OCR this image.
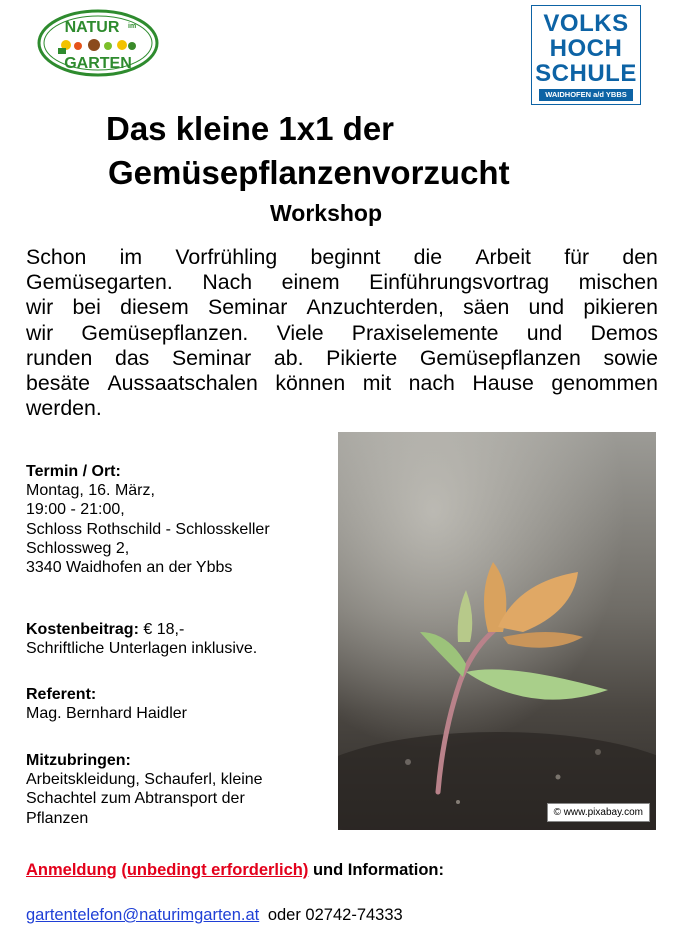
NATUR im
GARTEN
VOLKS
HOCH
SCHULE
WAIDHOFEN a/d YBBS
Das kleine 1x1 der
Gemüsepflanzenvorzucht
Workshop
Schon im Vorfrühling beginnt die Arbeit für den
Gemüsegarten. Nach einem Einführungsvortrag mischen
wir bei diesem Seminar Anzuchterden, säen und pikieren
wir Gemüsepflanzen. Viele Praxiselemente und Demos
runden das Seminar ab. Pikierte Gemüsepflanzen sowie
besäte Aussaatschalen können mit nach Hause genommen
werden.
Termin / Ort:
Montag, 16. März,
19:00 - 21:00,
Schloss Rothschild - Schlosskeller
Schlossweg 2,
3340 Waidhofen an der Ybbs
Kostenbeitrag: € 18,-
Schriftliche Unterlagen inklusive.
Referent:
Mag. Bernhard Haidler
Mitzubringen:
Arbeitskleidung, Schauferl, kleine
Schachtel zum Abtransport der
Pflanzen	© www.pixabay.com
Anmeldung (unbedingt erforderlich) und Information:
gartentelefon@naturimgarten.at oder 02742-74333
